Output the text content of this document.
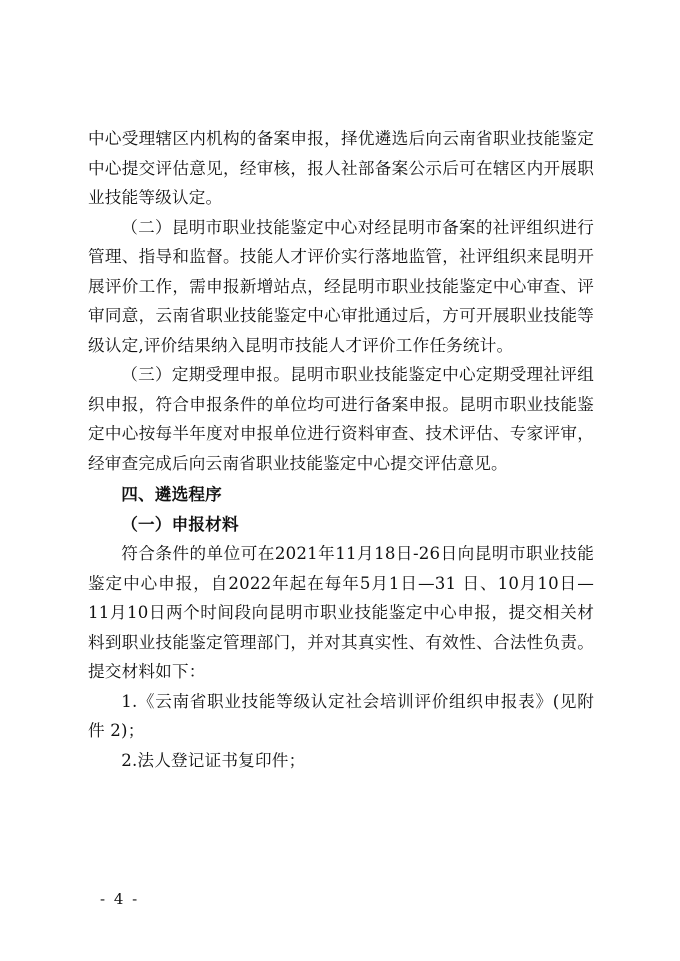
中心受理辖区内机构的备案申报，择优遴选后向云南省职业技能鉴定中心提交评估意见，经审核，报人社部备案公示后可在辖区内开展职业技能等级认定。

（二）昆明市职业技能鉴定中心对经昆明市备案的社评组织进行管理、指导和监督。技能人才评价实行落地监管，社评组织来昆明开展评价工作，需申报新增站点，经昆明市职业技能鉴定中心审查、评审同意，云南省职业技能鉴定中心审批通过后，方可开展职业技能等级认定,评价结果纳入昆明市技能人才评价工作任务统计。

（三）定期受理申报。昆明市职业技能鉴定中心定期受理社评组织申报，符合申报条件的单位均可进行备案申报。昆明市职业技能鉴定中心按每半年度对申报单位进行资料审查、技术评估、专家评审，经审查完成后向云南省职业技能鉴定中心提交评估意见。

四、遴选程序

（一）申报材料

符合条件的单位可在2021年11月18日-26日向昆明市职业技能鉴定中心申报，自2022年起在每年5月1日—31 日、10月10日—11月10日两个时间段向昆明市职业技能鉴定中心申报，提交相关材料到职业技能鉴定管理部门，并对其真实性、有效性、合法性负责。提交材料如下：

1.《云南省职业技能等级认定社会培训评价组织申报表》(见附件 2)；

2.法人登记证书复印件；

- 4 -
